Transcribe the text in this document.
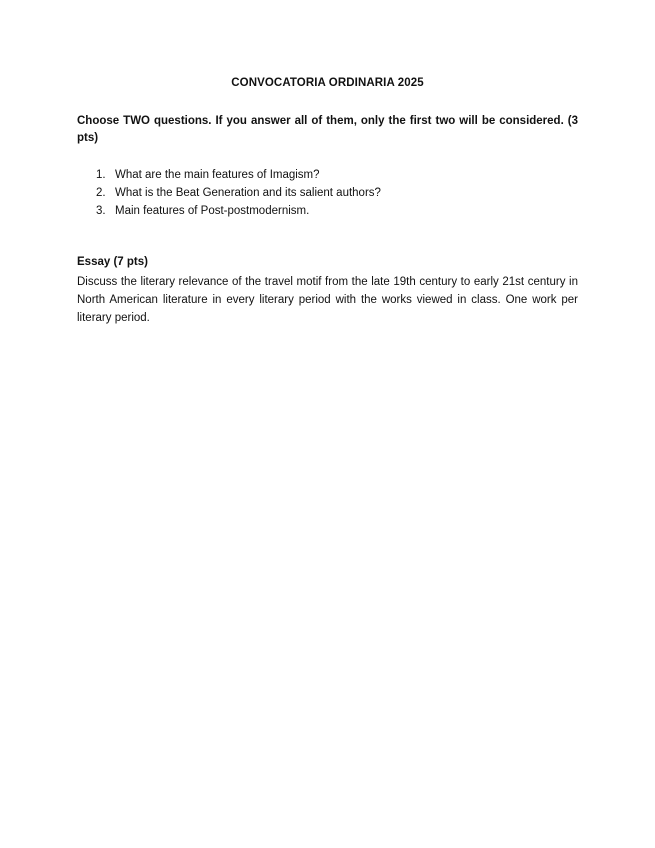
CONVOCATORIA ORDINARIA 2025
Choose TWO questions. If you answer all of them, only the first two will be considered. (3 pts)
1. What are the main features of Imagism?
2. What is the Beat Generation and its salient authors?
3. Main features of Post-postmodernism.
Essay (7 pts)
Discuss the literary relevance of the travel motif from the late 19th century to early 21st century in North American literature in every literary period with the works viewed in class. One work per literary period.
